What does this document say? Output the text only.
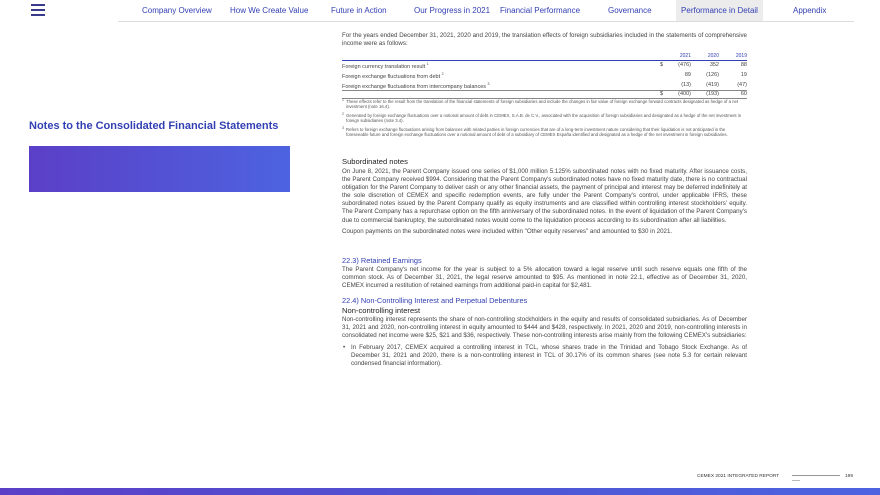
Company Overview How We Create Value	Future in Action	Our Progress in 2021 Financial Performance	Governance	Performance in Detail	Appendix
Notes to the Consolidated Financial Statements

For the years ended December 31, 2021, 2020 and 2019, the translation effects of foreign subsidiaries included in the statements of comprehensive income were as follows:

		2021	2020	2019
Foreign currency translation result $^1$	$	(476)	352	88
Foreign exchange fluctuations from debt $^2$		89	(126)	19
Foreign exchange fluctuations from intercompany balances $^3$		(13)	(419)	(47)
	$	(400)	(193)	60

1 These effects refer to the result from the translation of the financial statements of foreign subsidiaries and include the changes in fair value of foreign exchange forward contracts designated as hedge of a net investment (note 16.4).

2 Generated by foreign exchange fluctuations over a notional amount of debt in CEMEX, S.A.B. de C.V., associated with the acquisition of foreign subsidiaries and designated as a hedge of the net investment in foreign subsidiaries (note 3.4).

3 Refers to foreign exchange fluctuations arising from balances with related parties in foreign currencies that are of a long-term investment nature considering that their liquidation is not anticipated in the foreseeable future and foreign exchange fluctuations over a notional amount of debt of a subsidiary of CEMEX España identified and designated as a hedge of the net investment in foreign subsidiaries.

Subordinated notes

On June 8, 2021, the Parent Company issued one series of $1,000 million 5.125% subordinated notes with no fixed maturity. After issuance costs, the Parent Company received $994. Considering that the Parent Company's subordinated notes have no fixed maturity date, there is no contractual obligation for the Parent Company to deliver cash or any other financial assets, the payment of principal and interest may be deferred indefinitely at the sole discretion of CEMEX and specific redemption events, are fully under the Parent Company's control, under applicable IFRS, these subordinated notes issued by the Parent Company qualify as equity instruments and are classified within controlling interest stockholders' equity. The Parent Company has a repurchase option on the fifth anniversary of the subordinated notes. In the event of liquidation of the Parent Company's due to commercial bankruptcy, the subordinated notes would come to the liquidation process according to its subordination after all liabilities.

Coupon payments on the subordinated notes were included within "Other equity reserves" and amounted to $30 in 2021.

22.3) Retained Earnings

The Parent Company's net income for the year is subject to a 5% allocation toward a legal reserve until such reserve equals one fifth of the common stock. As of December 31, 2021, the legal reserve amounted to $95. As mentioned in note 22.1, effective as of December 31, 2020, CEMEX incurred a restitution of retained earnings from additional paid-in capital for $2,481.

22.4) Non-Controlling Interest and Perpetual Debentures

Non-controlling interest

Non-controlling interest represents the share of non-controlling stockholders in the equity and results of consolidated subsidiaries. As of December 31, 2021 and 2020, non-controlling interest in equity amounted to $444 and $428, respectively. In 2021, 2020 and 2019, non-controlling interests in consolidated net income were $25, $21 and $36, respectively. These non-controlling interests arise mainly from the following CEMEX's subsidiaries:

• In February 2017, CEMEX acquired a controlling interest in TCL, whose shares trade in the Trinidad and Tobago Stock Exchange. As of December 31, 2021 and 2020, there is a non-controlling interest in TCL of 30.17% of its common shares (see note 5.3 for certain relevant condensed financial information).

CEMEX 2021 INTEGRATED REPORT	199
